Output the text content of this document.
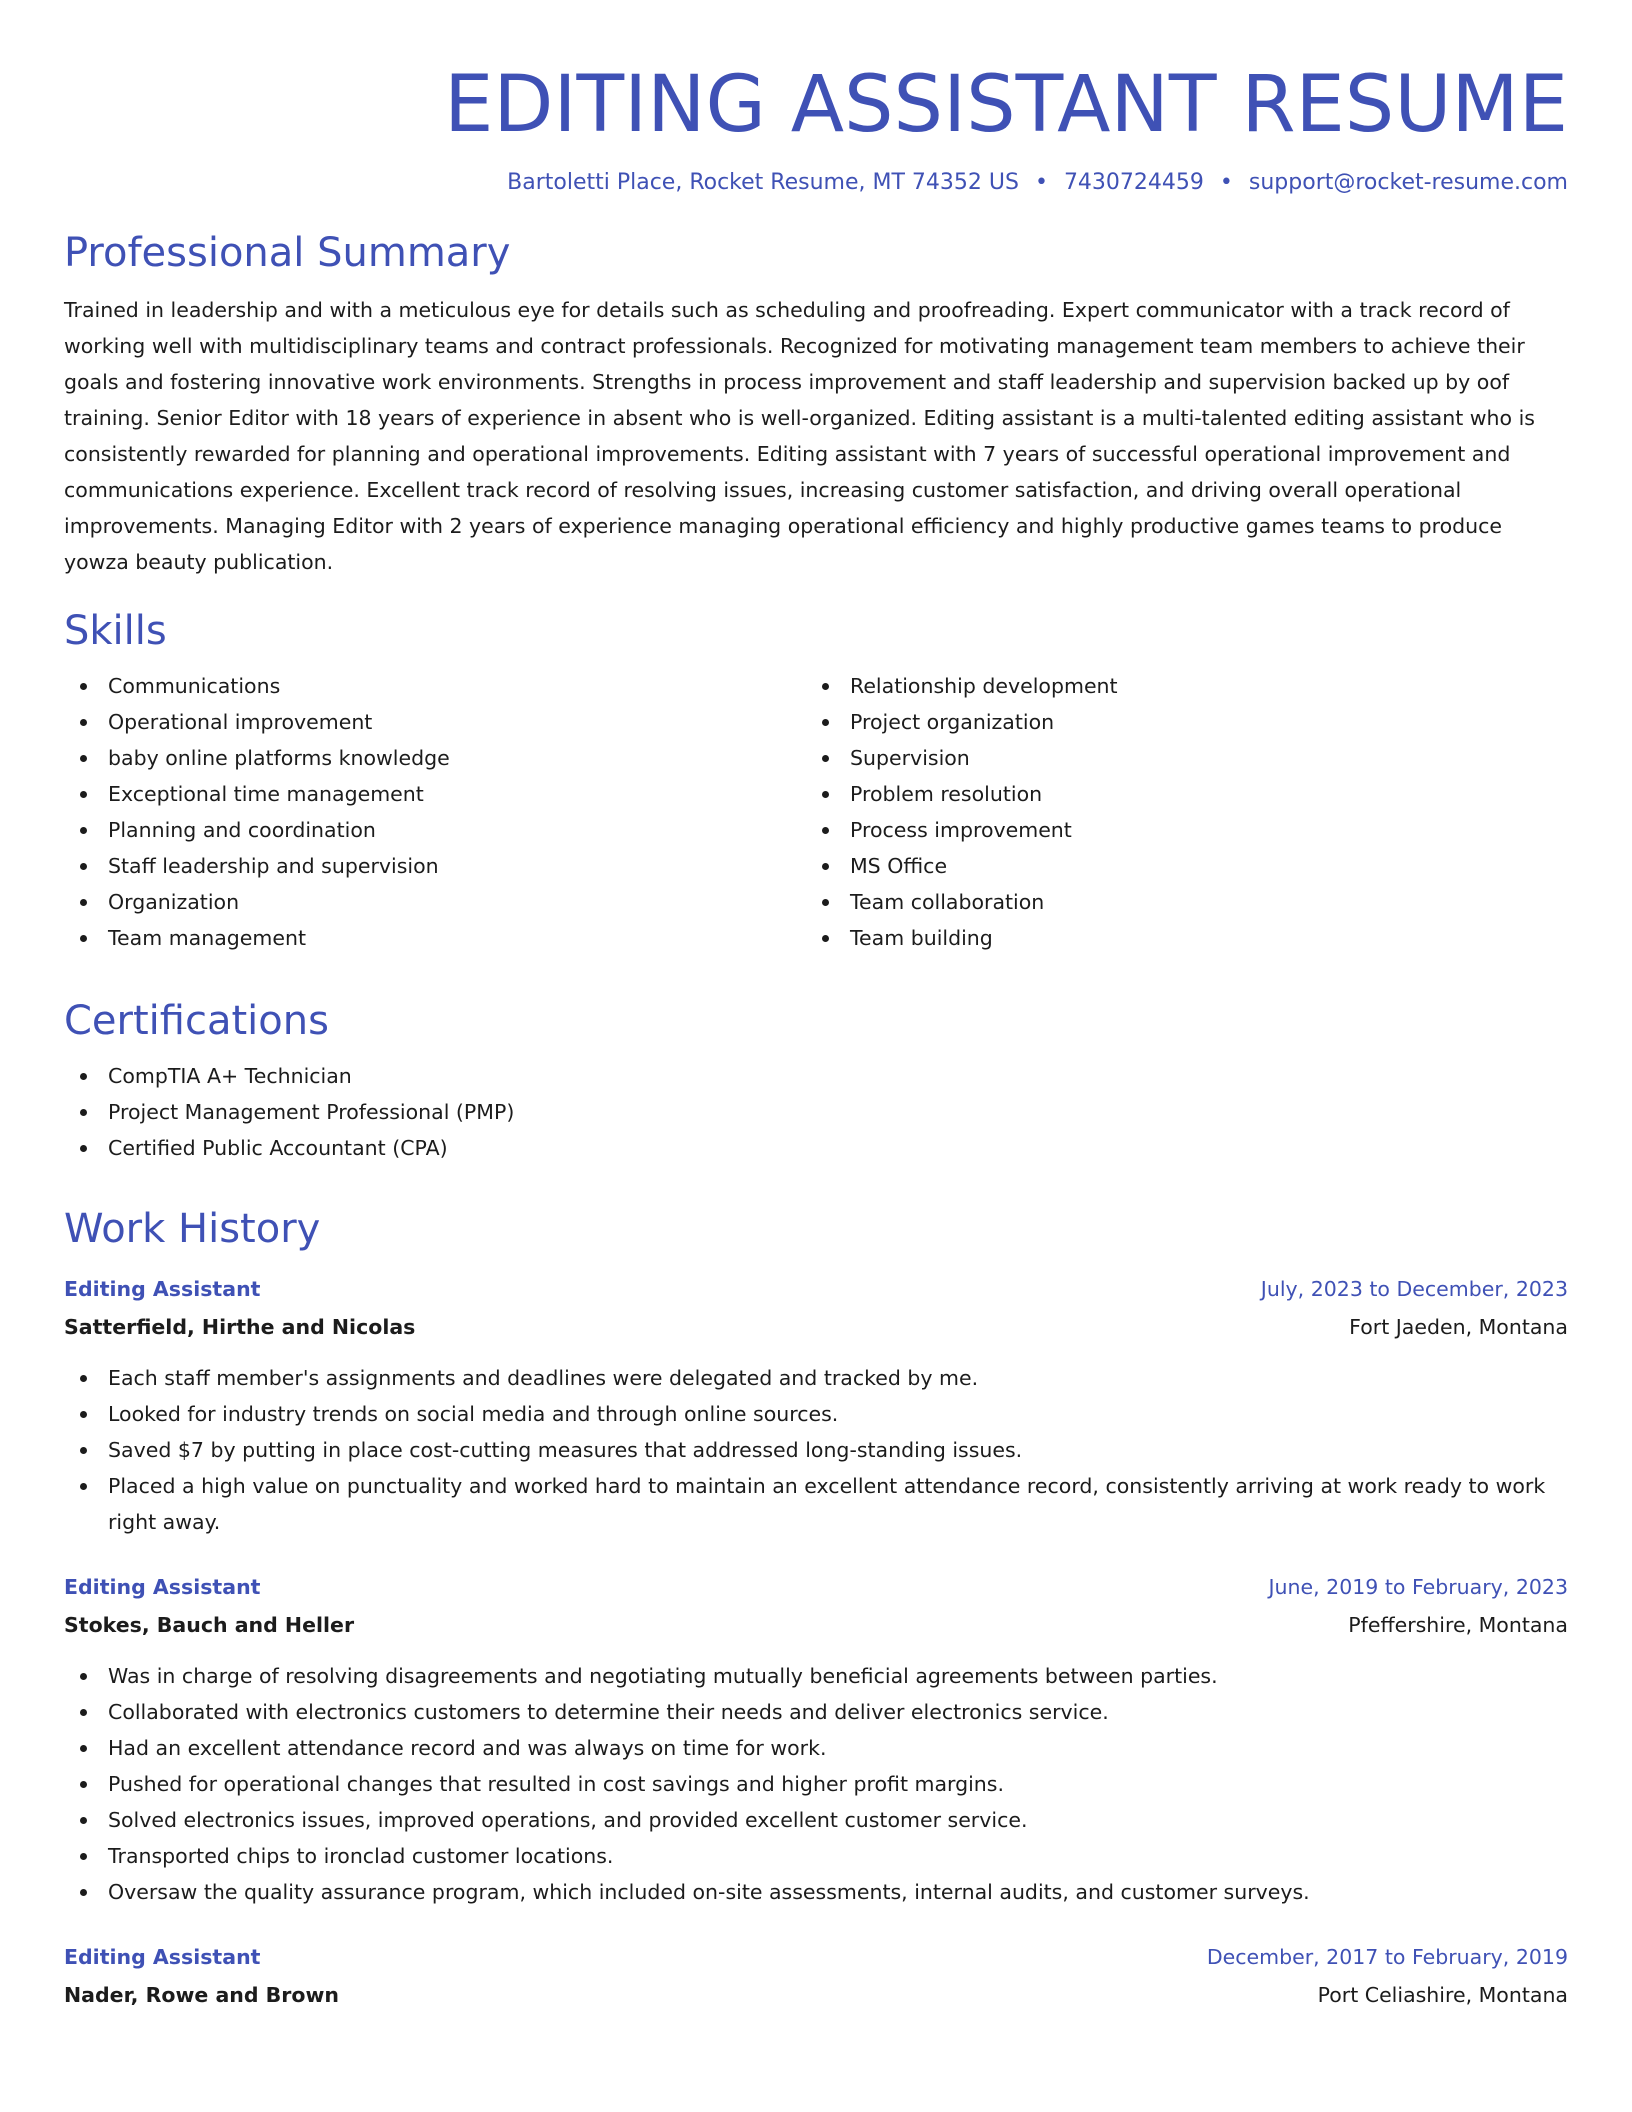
EDITING ASSISTANT RESUME
Bartoletti Place, Rocket Resume, MT 74352 US • 7430724459 • support@rocket-resume.com
Professional Summary

Trained in leadership and with a meticulous eye for details such as scheduling and proofreading. Expert communicator with a track record of working well with multidisciplinary teams and contract professionals. Recognized for motivating management team members to achieve their goals and fostering innovative work environments. Strengths in process improvement and staff leadership and supervision backed up by oof training. Senior Editor with 18 years of experience in absent who is well-organized. Editing assistant is a multi-talented editing assistant who is consistently rewarded for planning and operational improvements. Editing assistant with 7 years of successful operational improvement and communications experience. Excellent track record of resolving issues, increasing customer satisfaction, and driving overall operational improvements. Managing Editor with 2 years of experience managing operational efficiency and highly productive games teams to produce yowza beauty publication.

Skills
Communications
Operational improvement
baby online platforms knowledge
Exceptional time management
Planning and coordination
Staff leadership and supervision
Organization
Team management
Relationship development
Project organization
Supervision
Problem resolution
Process improvement
MS Office
Team collaboration
Team building
Certifications
CompTIA A+ Technician
Project Management Professional (PMP)
Certified Public Accountant (CPA)
Work History
Editing Assistant	July, 2023 to December, 2023
Satterfield, Hirthe and Nicolas	Fort Jaeden, Montana
Each staff member's assignments and deadlines were delegated and tracked by me.
Looked for industry trends on social media and through online sources.
Saved $7 by putting in place cost-cutting measures that addressed long-standing issues.
Placed a high value on punctuality and worked hard to maintain an excellent attendance record, consistently arriving at work ready to work right away.
Editing Assistant	June, 2019 to February, 2023
Stokes, Bauch and Heller	Pfeffershire, Montana
Was in charge of resolving disagreements and negotiating mutually beneficial agreements between parties.
Collaborated with electronics customers to determine their needs and deliver electronics service.
Had an excellent attendance record and was always on time for work.
Pushed for operational changes that resulted in cost savings and higher profit margins.
Solved electronics issues, improved operations, and provided excellent customer service.
Transported chips to ironclad customer locations.
Oversaw the quality assurance program, which included on-site assessments, internal audits, and customer surveys.
Editing Assistant	December, 2017 to February, 2019
Nader, Rowe and Brown	Port Celiashire, Montana
